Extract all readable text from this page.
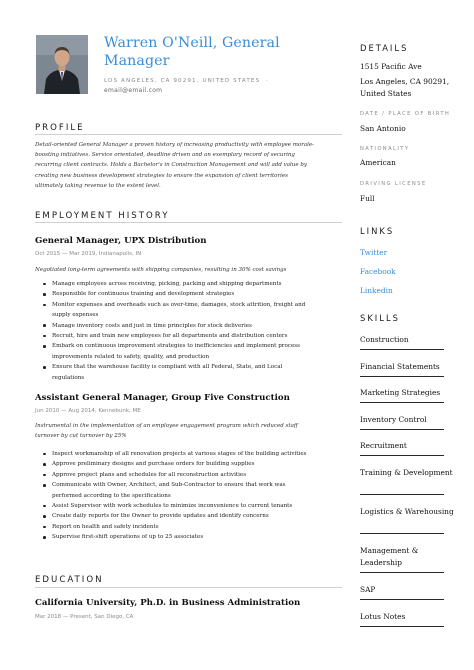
Warren O'Neill, General Manager
LOS ANGELES, CA 90291, UNITED STATES · email@email.com
PROFILE
Detail-oriented General Manager a proven history of increasing productivity with employee morale-boosting initiatives. Service orientated, deadline driven and an exemplary record of securing recurring client contracts. Holds a Bachelor's in Construction Management and will add value by creating new business development strategies to ensure the expansion of client territories ultimately taking revenue to the extent level.
EMPLOYMENT HISTORY
General Manager, UPX Distribution
Oct 2015 — Mar 2019, Indianapolis, IN
Negotiated long-term agreements with shipping companies, resulting in 30% cost savings
Manage employees across receiving, picking, packing and shipping departments
Responsible for continuous training and development strategies
Monitor expenses and overheads such as over-time, damages, stock attrition, freight and supply expenses
Manage inventory costs and just in time principles for stock deliveries
Recruit, hire and train new employees for all departments and distribution centers
Embark on continuous improvement strategies to inefficiencies and implement process improvements related to safety, quality, and production
Ensure that the warehouse facility is compliant with all Federal, State, and Local regulations
Assistant General Manager, Group Five Construction
Jun 2010 — Aug 2014, Kennebunk, ME
Instrumental in the implementation of an employee engagement program which reduced staff turnover by cut turnover by 25%
Inspect workmanship of all renovation projects at various stages of the building activities
Approve preliminary designs and purchase orders for building supplies
Approve project plans and schedules for all reconstruction activities
Communicate with Owner, Architect, and Sub-Contractor to ensure that work was performed according to the specifications
Assist Supervisor with work schedules to minimize inconvenience to current tenants
Create daily reports for the Owner to provide updates and identify concerns
Report on health and safety incidents
Supervise first-shift operations of up to 25 associates
EDUCATION
California University, Ph.D. in Business Administration
Mar 2018 — Present, San Diego, CA
DETAILS
1515 Pacific Ave
Los Angeles, CA 90291, United States
DATE / PLACE OF BIRTH
San Antonio
NATIONALITY
American
DRIVING LICENSE
Full
LINKS
Twitter
Facebook
Linkedin
SKILLS
Construction
Financial Statements
Marketing Strategies
Inventory Control
Recruitment
Training & Development
Logistics & Warehousing
Management & Leadership
SAP
Lotus Notes
